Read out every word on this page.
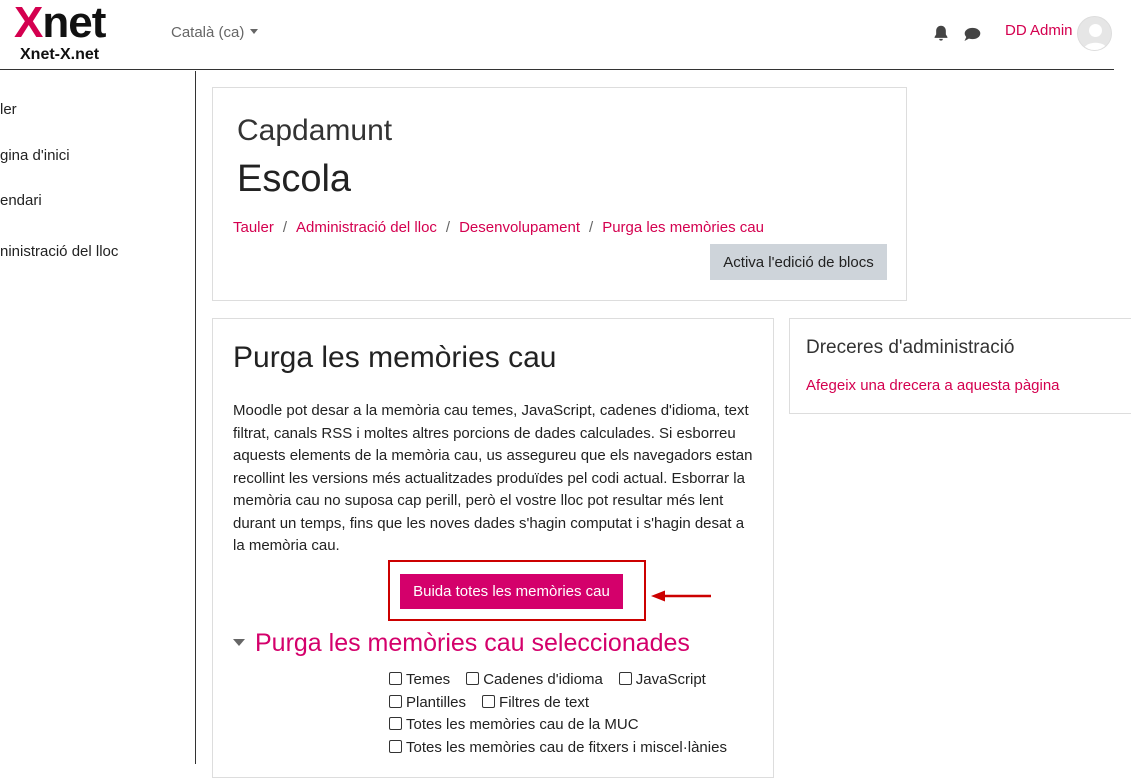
Xnet
Xnet-X.net
Català (ca)	DD Admin
ler
gina d'inici
endari
ninistració del lloc
Capdamunt
Escola
Tauler / Administració del lloc / Desenvolupament / Purga les memòries cau
Activa l'edició de blocs
Purga les memòries cau
Moodle pot desar a la memòria cau temes, JavaScript, cadenes d'idioma, text filtrat, canals RSS i moltes altres porcions de dades calculades. Si esborreu aquests elements de la memòria cau, us assegureu que els navegadors estan recollint les versions més actualitzades produïdes pel codi actual. Esborrar la memòria cau no suposa cap perill, però el vostre lloc pot resultar més lent durant un temps, fins que les noves dades s'hagin computat i s'hagin desat a la memòria cau.
Buida totes les memòries cau
Purga les memòries cau seleccionades
Temes Cadenes d'idioma JavaScript
Plantilles Filtres de text
Totes les memòries cau de la MUC
Totes les memòries cau de fitxers i miscel·lànies
Dreceres d'administració
Afegeix una drecera a aquesta pàgina
